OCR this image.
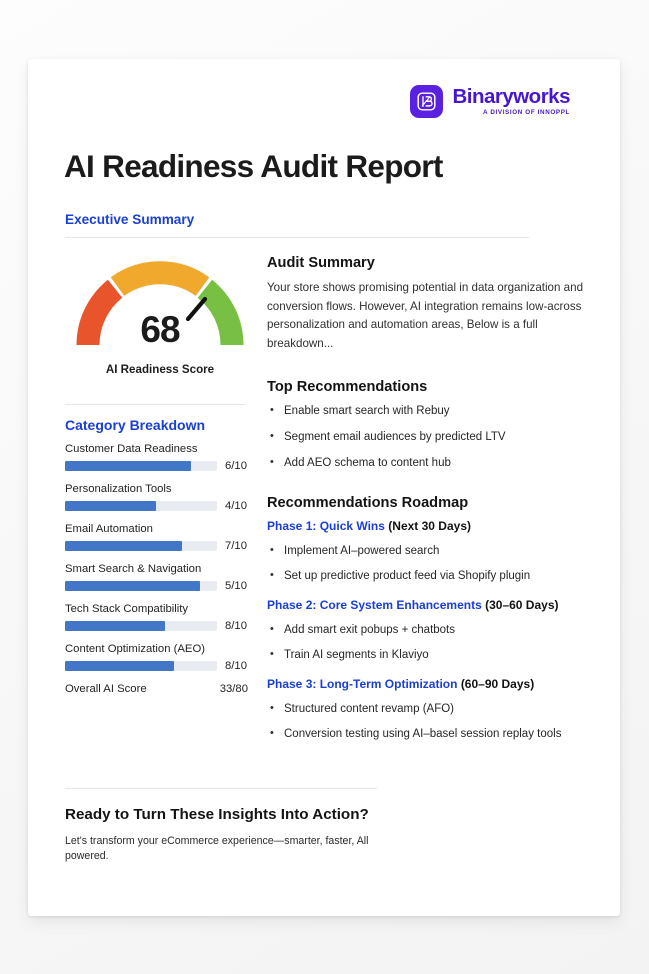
Binaryworks
A DIVISION OF INNOPPL
AI Readiness Audit Report
Executive Summary
68
AI Readiness Score
Category Breakdown
Customer Data Readiness
6/10
Personalization Tools
4/10
Email Automation
7/10
Smart Search & Navigation
5/10
Tech Stack Compatibility
8/10
Content Optimization (AEO)
8/10
Overall AI Score	33/80
Audit Summary

Your store shows promising potential in data organization and conversion flows. However, AI integration remains low-across personalization and automation areas, Below is a full breakdown...

Top Recommendations
• Enable smart search with Rebuy
• Segment email audiences by predicted LTV
• Add AEO schema to content hub
Recommendations Roadmap

Phase 1: Quick Wins (Next 30 Days)

• Implement AI–powered search
• Set up predictive product feed via Shopify plugin

Phase 2: Core System Enhancements (30–60 Days)

• Add smart exit pobups + chatbots
• Train AI segments in Klaviyo

Phase 3: Long-Term Optimization (60–90 Days)

• Structured content revamp (AFO)
• Conversion testing using AI–basel session replay tools

Ready to Turn These Insights Into Action?

Let's transform your eCommerce experience—smarter, faster, All powered.
